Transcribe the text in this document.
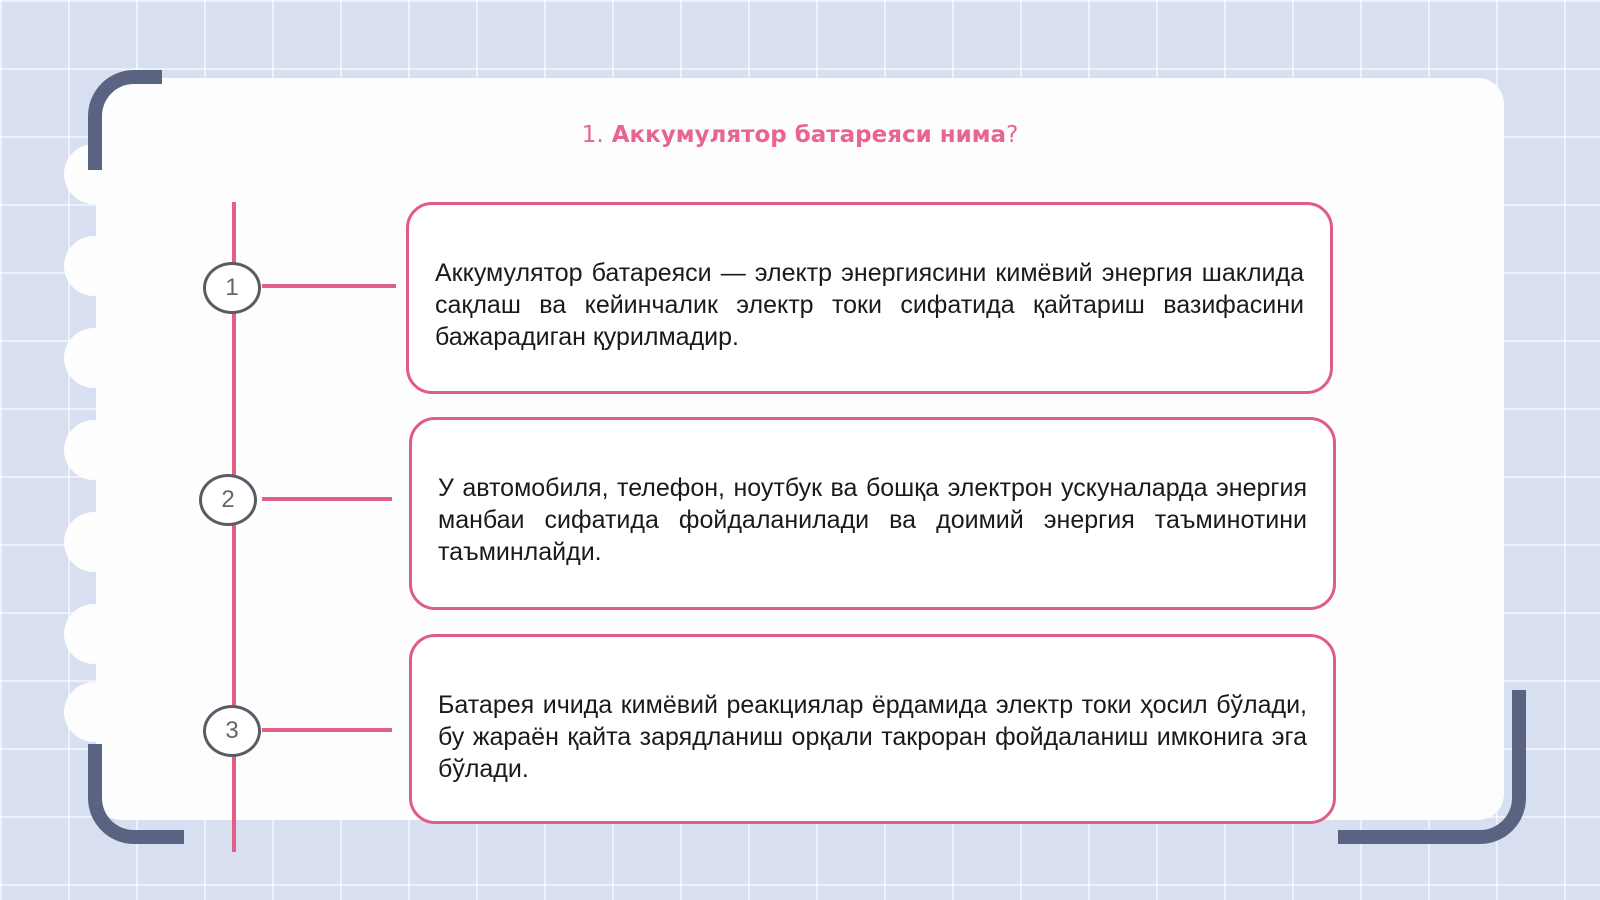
1. Аккумулятор батареяси нима?
1
2
3

Аккумулятор батареяси — электр энергиясини кимёвий энергия шаклида сақлаш ва кейинчалик электр токи сифатида қайтариш вазифасини бажарадиган қурилмадир.

У автомобиля, телефон, ноутбук ва бошқа электрон ускуналарда энергия манбаи сифатида фойдаланилади ва доимий энергия таъминотини таъминлайди.

Батарея ичида кимёвий реакциялар ёрдамида электр токи ҳосил бўлади, бу жараён қайта зарядланиш орқали такроран фойдаланиш имконига эга бўлади.
